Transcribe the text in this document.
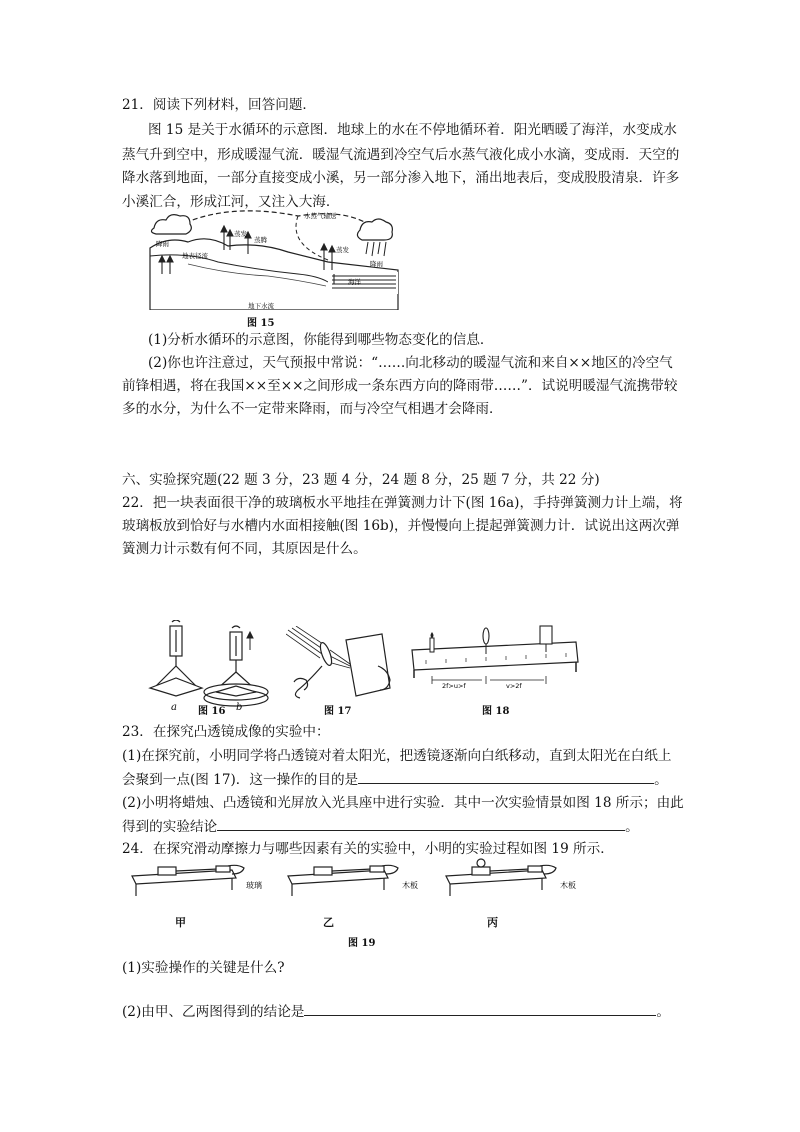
21．阅读下列材料，回答问题．
图 15 是关于水循环的示意图．地球上的水在不停地循环着．阳光晒暖了海洋，水变成水
蒸气升到空中，形成暖湿气流．暖湿气流遇到冷空气后水蒸气液化成小水滴，变成雨．天空的
降水落到地面，一部分直接变成小溪，另一部分渗入地下，涌出地表后，变成股股清泉．许多
小溪汇合，形成江河，又注入大海．
降雨
水蒸气输送
蒸发
蒸腾
蒸发
地表径流
降雨
海洋
地下水流
图 15
(1)分析水循环的示意图，你能得到哪些物态变化的信息．
(2)你也许注意过，天气预报中常说：“……向北移动的暖湿气流和来自××地区的冷空气
前锋相遇，将在我国××至××之间形成一条东西方向的降雨带……”．试说明暖湿气流携带较
多的水分，为什么不一定带来降雨，而与冷空气相遇才会降雨．
六、实验探究题(22 题 3 分，23 题 4 分，24 题 8 分，25 题 7 分，共 22 分)
22．把一块表面很干净的玻璃板水平地挂在弹簧测力计下(图 16a)，手持弹簧测力计上端，将
玻璃板放到恰好与水槽内水面相接触(图 16b)，并慢慢向上提起弹簧测力计．试说出这两次弹
簧测力计示数有何不同，其原因是什么。
a 图 16 b	图 17
2f>u>f	v>2f
图 18
23．在探究凸透镜成像的实验中：
(1)在探究前，小明同学将凸透镜对着太阳光，把透镜逐渐向白纸移动，直到太阳光在白纸上
会聚到一点(图 17)．这一操作的目的是	。
(2)小明将蜡烛、凸透镜和光屏放入光具座中进行实验．其中一次实验情景如图 18 所示；由此
得到的实验结论	。
24．在探究滑动摩擦力与哪些因素有关的实验中，小明的实验过程如图 19 所示．
玻璃	木板	木板
甲	乙	丙
图 19
(1)实验操作的关键是什么?
(2)由甲、乙两图得到的结论是	。
